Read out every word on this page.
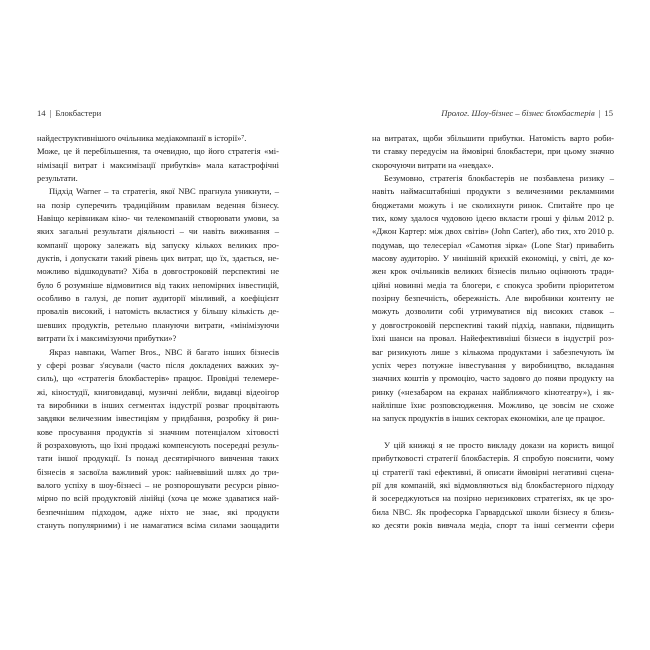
14 | Блокбастери	Пролог. Шоу-бізнес – бізнес блокбастерів | 15
найдеструктивнішого очільника медіакомпанії в історії»⁷.
Може, це й перебільшення, та очевидно, що його стратегія «мі-
німізації витрат і максимізації прибутків» мала катастрофічні
результати.
Підхід Warner – та стратегія, якої NBC прагнула уникнути, –
на позір суперечить традиційним правилам ведення бізнесу.
Навіщо керівникам кіно- чи телекомпаній створювати умови, за
яких загальні результати діяльності – чи навіть виживання –
компанії щороку залежать від запуску кількох великих про-
дуктів, і допускати такий рівень цих витрат, що їх, здається, не-
можливо відшкодувати? Хіба в довгостроковій перспективі не
було б розумніше відмовитися від таких непомірних інвестицій,
особливо в галузі, де попит аудиторії мінливий, а коефіцієнт
провалів високий, і натомість вкластися у більшу кількість де-
шевших продуктів, ретельно плануючи витрати, «мінімізуючи
витрати їх і максимізуючи прибутки»?
Якраз навпаки, Warner Bros., NBC й багато інших бізнесів
у сфері розваг з'ясували (часто після докладених важких зу-
силь), що «стратегія блокбастерів» працює. Провідні телемере-
жі, кіностудії, книговидавці, музичні лейбли, видавці відеоігор
та виробники в інших сегментах індустрії розваг процвітають
завдяки величезним інвестиціям у придбання, розробку й рин-
кове просування продуктів зі значним потенціалом хітовості
й розраховують, що їхні продажі компенсують посередні резуль-
тати іншої продукції. Із понад десятирічного вивчення таких
бізнесів я засвоїла важливий урок: найневвіший шлях до три-
валого успіху в шоу-бізнесі – не розпорошувати ресурси рівно-
мірно по всій продуктовій лінійці (хоча це може здаватися най-
безпечнішим підходом, адже ніхто не знає, які продукти
стануть популярними) і не намагатися всіма силами заощадити
на витратах, щоби збільшити прибутки. Натомість варто роби-
ти ставку передусім на ймовірні блокбастери, при цьому значно
скорочуючи витрати на «невдах».
Безумовно, стратегія блокбастерів не позбавлена ризику –
навіть наймасштабніші продукти з величезними рекламними
бюджетами можуть і не сколихнути ринок. Спитайте про це
тих, кому здалося чудовою ідеєю вкласти гроші у фільм 2012 р.
«Джон Картер: між двох світів» (John Carter), або тих, хто 2010 р.
подумав, що телесеріал «Самотня зірка» (Lone Star) привабить
масову аудиторію. У нинішній крихкій економіці, у світі, де ко-
жен крок очільників великих бізнесів пильно оцінюють тради-
ційні новинні медіа та блогери, є спокуса зробити пріоритетом
позірну безпечність, обережність. Але виробники контенту не
можуть дозволити собі утримуватися від високих ставок –
у довгостроковій перспективі такий підхід, навпаки, підвищить
їхні шанси на провал. Найефективніші бізнеси в індустрії роз-
ваг ризикують лише з кількома продуктами і забезпечують їм
успіх через потужне інвестування у виробництво, вкладання
значних коштів у промоцію, часто задовго до появи продукту на
ринку («незабаром на екранах найближчого кінотеатру»), і як-
найліпше їхнє розповсюдження. Можливо, це зовсім не схоже
на запуск продуктів в інших секторах економіки, але це працює.
У цій книжці я не просто викладу докази на користь вищої
прибутковості стратегії блокбастерів. Я спробую пояснити, чому
ці стратегії такі ефективні, й описати ймовірні негативні сцена-
рії для компаній, які відмовляються від блокбастерного підходу
й зосереджуються на позірно неризикових стратегіях, як це зро-
била NBC. Як професорка Гарвардської школи бізнесу я близь-
ко десяти років вивчала медіа, спорт та інші сегменти сфери
